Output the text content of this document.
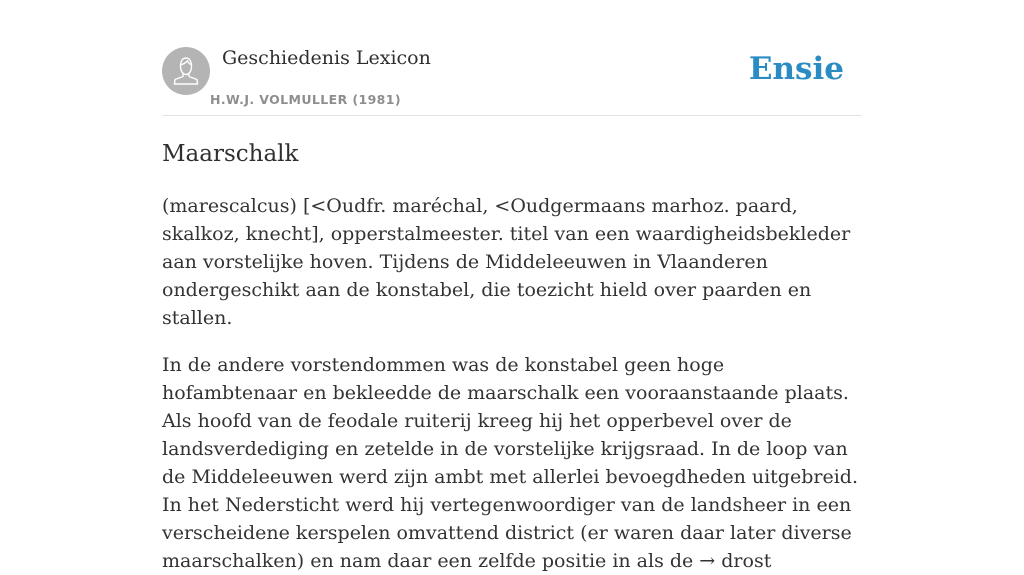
Geschiedenis Lexicon
H.W.J. VOLMULLER (1981)
Ensie
Maarschalk

(marescalcus) [<Oudfr. maréchal, <Oudgermaans marhoz. paard, skalkoz, knecht], opperstalmeester. titel van een waardigheidsbekleder aan vorstelijke hoven. Tijdens de Middeleeuwen in Vlaanderen ondergeschikt aan de konstabel, die toezicht hield over paarden en stallen.

In de andere vorstendommen was de konstabel geen hoge hofambtenaar en bekleedde de maarschalk een vooraanstaande plaats. Als hoofd van de feodale ruiterij kreeg hij het opperbevel over de landsverdediging en zetelde in de vorstelijke krijgsraad. In de loop van de Middeleeuwen werd zijn ambt met allerlei bevoegdheden uitgebreid. In het Nedersticht werd hij vertegenwoordiger van de landsheer in een verscheidene kerspelen omvattend district (er waren daar later diverse maarschalken) en nam daar een zelfde positie in als de → drost
